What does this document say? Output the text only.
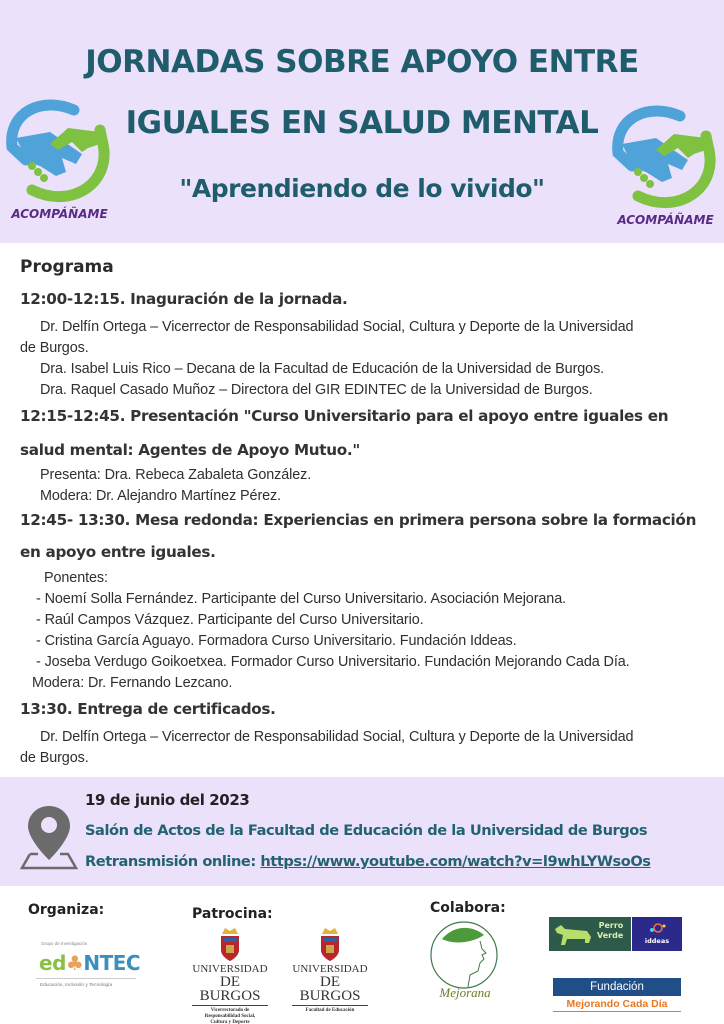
ACOMPÁÑAME
JORNADAS SOBRE APOYO ENTRE
IGUALES EN SALUD MENTAL
"Aprendiendo de lo vivido"
ACOMPÁÑAME
Programa
12:00-12:15. Inaguración de la jornada.
Dr. Delfín Ortega – Vicerrector de Responsabilidad Social, Cultura y Deporte de la Universidad
de Burgos.
Dra. Isabel Luis Rico – Decana de la Facultad de Educación de la Universidad de Burgos.
Dra. Raquel Casado Muñoz – Directora del GIR EDINTEC de la Universidad de Burgos.
12:15-12:45. Presentación "Curso Universitario para el apoyo entre iguales en
salud mental: Agentes de Apoyo Mutuo."
Presenta: Dra. Rebeca Zabaleta González.
Modera: Dr. Alejandro Martínez Pérez.
12:45- 13:30. Mesa redonda: Experiencias en primera persona sobre la formación
en apoyo entre iguales.
Ponentes:
- Noemí Solla Fernández. Participante del Curso Universitario. Asociación Mejorana.
- Raúl Campos Vázquez. Participante del Curso Universitario.
- Cristina García Aguayo. Formadora Curso Universitario. Fundación Iddeas.
- Joseba Verdugo Goikoetxea. Formador Curso Universitario. Fundación Mejorando Cada Día.
Modera: Dr. Fernando Lezcano.
13:30. Entrega de certificados.
Dr. Delfín Ortega – Vicerrector de Responsabilidad Social, Cultura y Deporte de la Universidad
de Burgos.
19 de junio del 2023
Salón de Actos de la Facultad de Educación de la Universidad de Burgos
Retransmisión online: https://www.youtube.com/watch?v=l9whLYWsoOs
Organiza:
Grupo de Investigación
ed♣NTEC
Educación, Inclusión y Tecnología
Patrocina:
UNIVERSIDAD
DE BURGOS
Vicerrectorado de
Responsabilidad Social,
Cultura y Deporte
UNIVERSIDAD
DE BURGOS
Facultad de Educación
Colabora:
Mejorana
Perro
Verde
iddeas
Fundación
Mejorando Cada Día
